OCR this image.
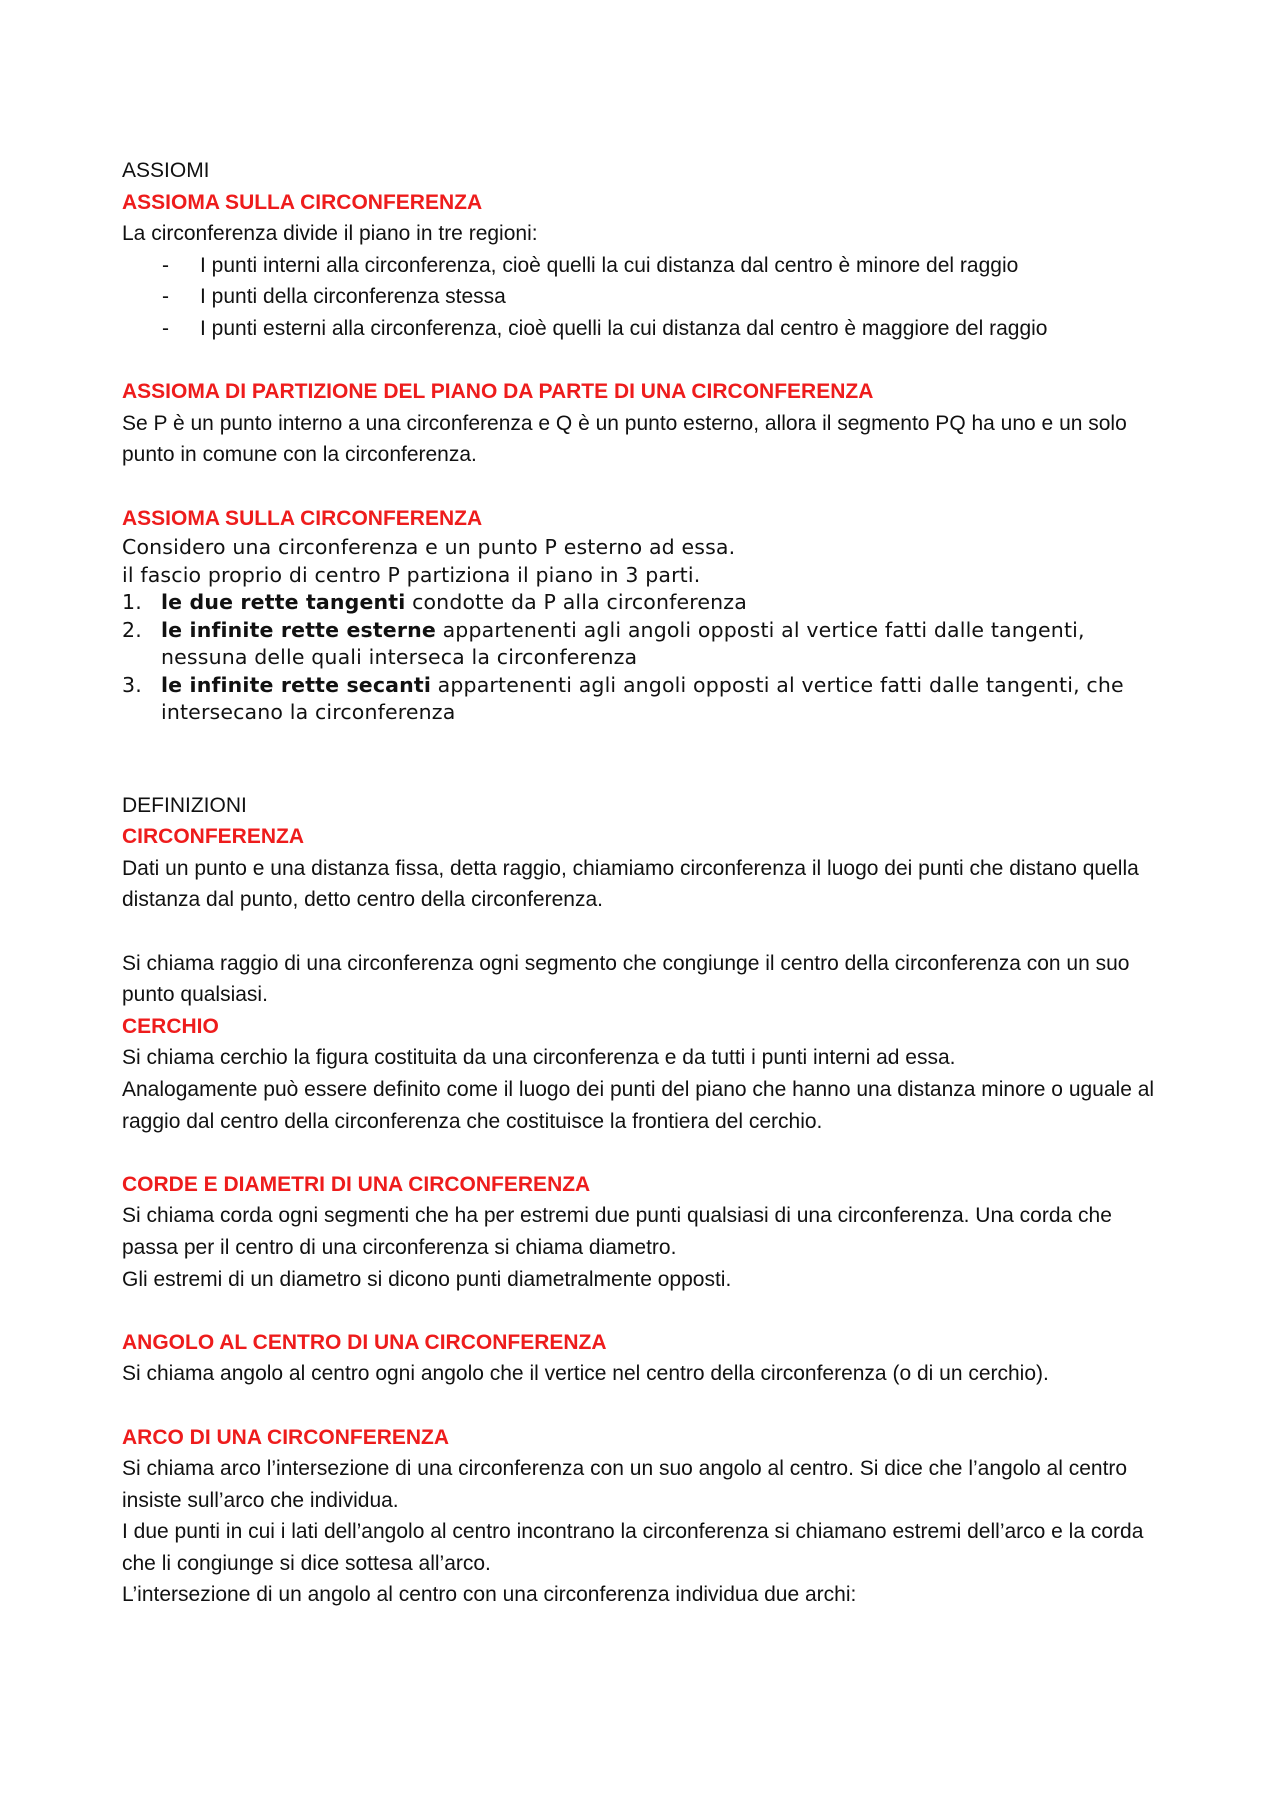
ASSIOMI

ASSIOMA SULLA CIRCONFERENZA

La circonferenza divide il piano in tre regioni:

- I punti interni alla circonferenza, cioè quelli la cui distanza dal centro è minore del raggio
- I punti della circonferenza stessa
- I punti esterni alla circonferenza, cioè quelli la cui distanza dal centro è maggiore del raggio

ASSIOMA DI PARTIZIONE DEL PIANO DA PARTE DI UNA CIRCONFERENZA

Se P è un punto interno a una circonferenza e Q è un punto esterno, allora il segmento PQ ha uno e un solo punto in comune con la circonferenza.

ASSIOMA SULLA CIRCONFERENZA

Considero una circonferenza e un punto P esterno ad essa.

il fascio proprio di centro P partiziona il piano in 3 parti.

1. le due rette tangenti condotte da P alla circonferenza
2. le infinite rette esterne appartenenti agli angoli opposti al vertice fatti dalle tangenti, nessuna delle quali interseca la circonferenza
3. le infinite rette secanti appartenenti agli angoli opposti al vertice fatti dalle tangenti, che intersecano la circonferenza

DEFINIZIONI

CIRCONFERENZA

Dati un punto e una distanza fissa, detta raggio, chiamiamo circonferenza il luogo dei punti che distano quella distanza dal punto, detto centro della circonferenza.

Si chiama raggio di una circonferenza ogni segmento che congiunge il centro della circonferenza con un suo punto qualsiasi.

CERCHIO

Si chiama cerchio la figura costituita da una circonferenza e da tutti i punti interni ad essa.

Analogamente può essere definito come il luogo dei punti del piano che hanno una distanza minore o uguale al raggio dal centro della circonferenza che costituisce la frontiera del cerchio.

CORDE E DIAMETRI DI UNA CIRCONFERENZA

Si chiama corda ogni segmenti che ha per estremi due punti qualsiasi di una circonferenza. Una corda che passa per il centro di una circonferenza si chiama diametro.

Gli estremi di un diametro si dicono punti diametralmente opposti.

ANGOLO AL CENTRO DI UNA CIRCONFERENZA

Si chiama angolo al centro ogni angolo che il vertice nel centro della circonferenza (o di un cerchio).

ARCO DI UNA CIRCONFERENZA

Si chiama arco l’intersezione di una circonferenza con un suo angolo al centro. Si dice che l’angolo al centro insiste sull’arco che individua.

I due punti in cui i lati dell’angolo al centro incontrano la circonferenza si chiamano estremi dell’arco e la corda che li congiunge si dice sottesa all’arco.

L’intersezione di un angolo al centro con una circonferenza individua due archi:
